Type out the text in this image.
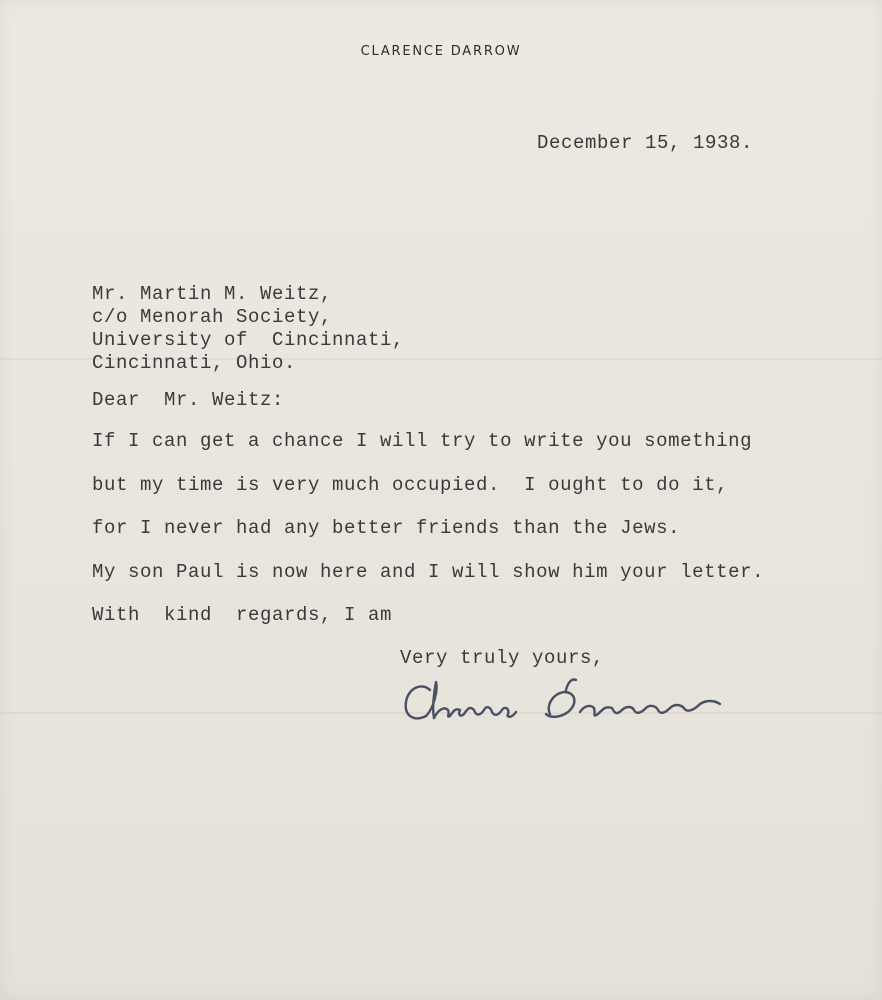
CLARENCE DARROW
December 15, 1938.
Mr. Martin M. Weitz,
c/o Menorah Society,
University of  Cincinnati,
Cincinnati, Ohio.
Dear  Mr. Weitz:
If I can get a chance I will try to write you something
but my time is very much occupied.  I ought to do it,
for I never had any better friends than the Jews.
My son Paul is now here and I will show him your letter.
With  kind  regards, I am
Very truly yours,
